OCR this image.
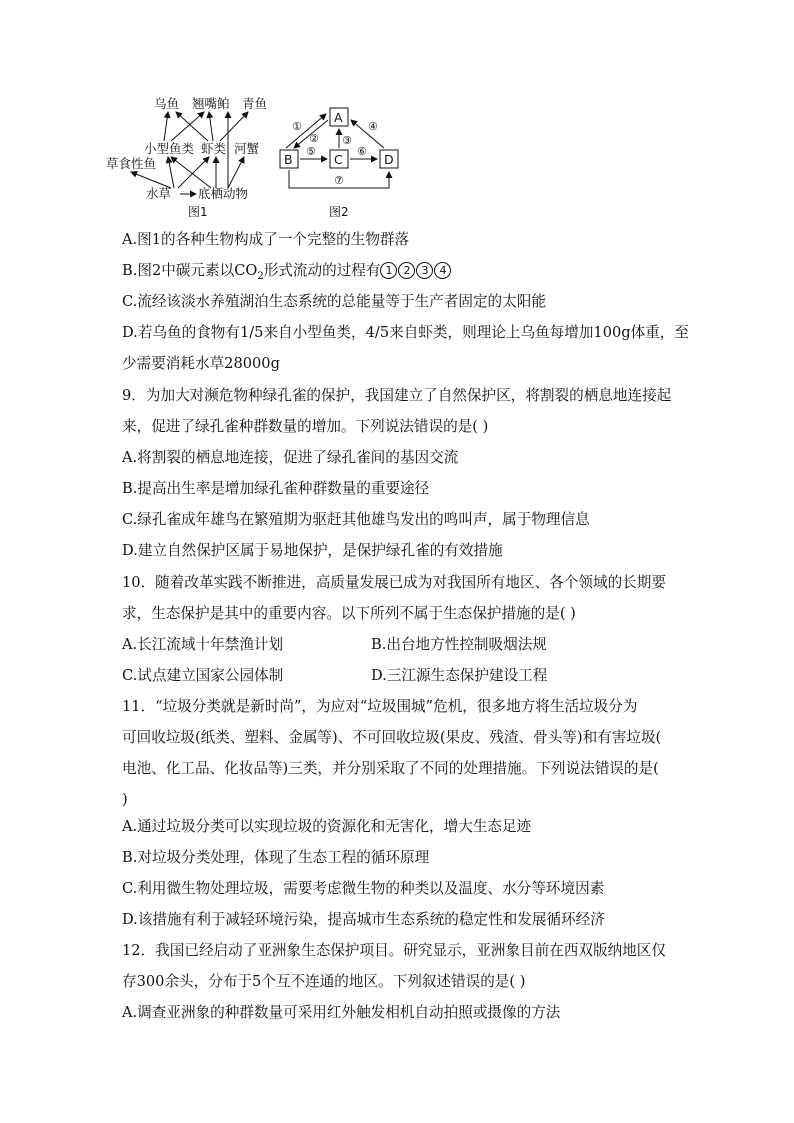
乌鱼 翘嘴鲌 青鱼
小型鱼类 虾类 河蟹
草食性鱼
水草 底栖动物
图1
A
B	C	D
①
② ③
④
⑤	⑥
⑦
图2
A.图1的各种生物构成了一个完整的生物群落
B.图2中碳元素以$CO_2$形式流动的过程有 1 2 3 4
C.流经该淡水养殖湖泊生态系统的总能量等于生产者固定的太阳能
D.若乌鱼的食物有1/5来自小型鱼类，4/5来自虾类，则理论上乌鱼每增加100g体重，至
少需要消耗水草28000g
9．为加大对濒危物种绿孔雀的保护，我国建立了自然保护区，将割裂的栖息地连接起
来，促进了绿孔雀种群数量的增加。下列说法错误的是( )
A.将割裂的栖息地连接，促进了绿孔雀间的基因交流
B.提高出生率是增加绿孔雀种群数量的重要途径
C.绿孔雀成年雄鸟在繁殖期为驱赶其他雄鸟发出的鸣叫声，属于物理信息
D.建立自然保护区属于易地保护，是保护绿孔雀的有效措施
10．随着改革实践不断推进，高质量发展已成为对我国所有地区、各个领域的长期要
求，生态保护是其中的重要内容。以下所列不属于生态保护措施的是( )
A.长江流域十年禁渔计划	B.出台地方性控制吸烟法规
C.试点建立国家公园体制	D.三江源生态保护建设工程
11．“垃圾分类就是新时尚”，为应对“垃圾围城”危机，很多地方将生活垃圾分为
可回收垃圾(纸类、塑料、金属等)、不可回收垃圾(果皮、残渣、骨头等)和有害垃圾(
电池、化工品、化妆品等)三类，并分别采取了不同的处理措施。下列说法错误的是(
)
A.通过垃圾分类可以实现垃圾的资源化和无害化，增大生态足迹
B.对垃圾分类处理，体现了生态工程的循环原理
C.利用微生物处理垃圾，需要考虑微生物的种类以及温度、水分等环境因素
D.该措施有利于减轻环境污染，提高城市生态系统的稳定性和发展循环经济
12．我国已经启动了亚洲象生态保护项目。研究显示，亚洲象目前在西双版纳地区仅
存300余头，分布于5个互不连通的地区。下列叙述错误的是( )
A.调查亚洲象的种群数量可采用红外触发相机自动拍照或摄像的方法
